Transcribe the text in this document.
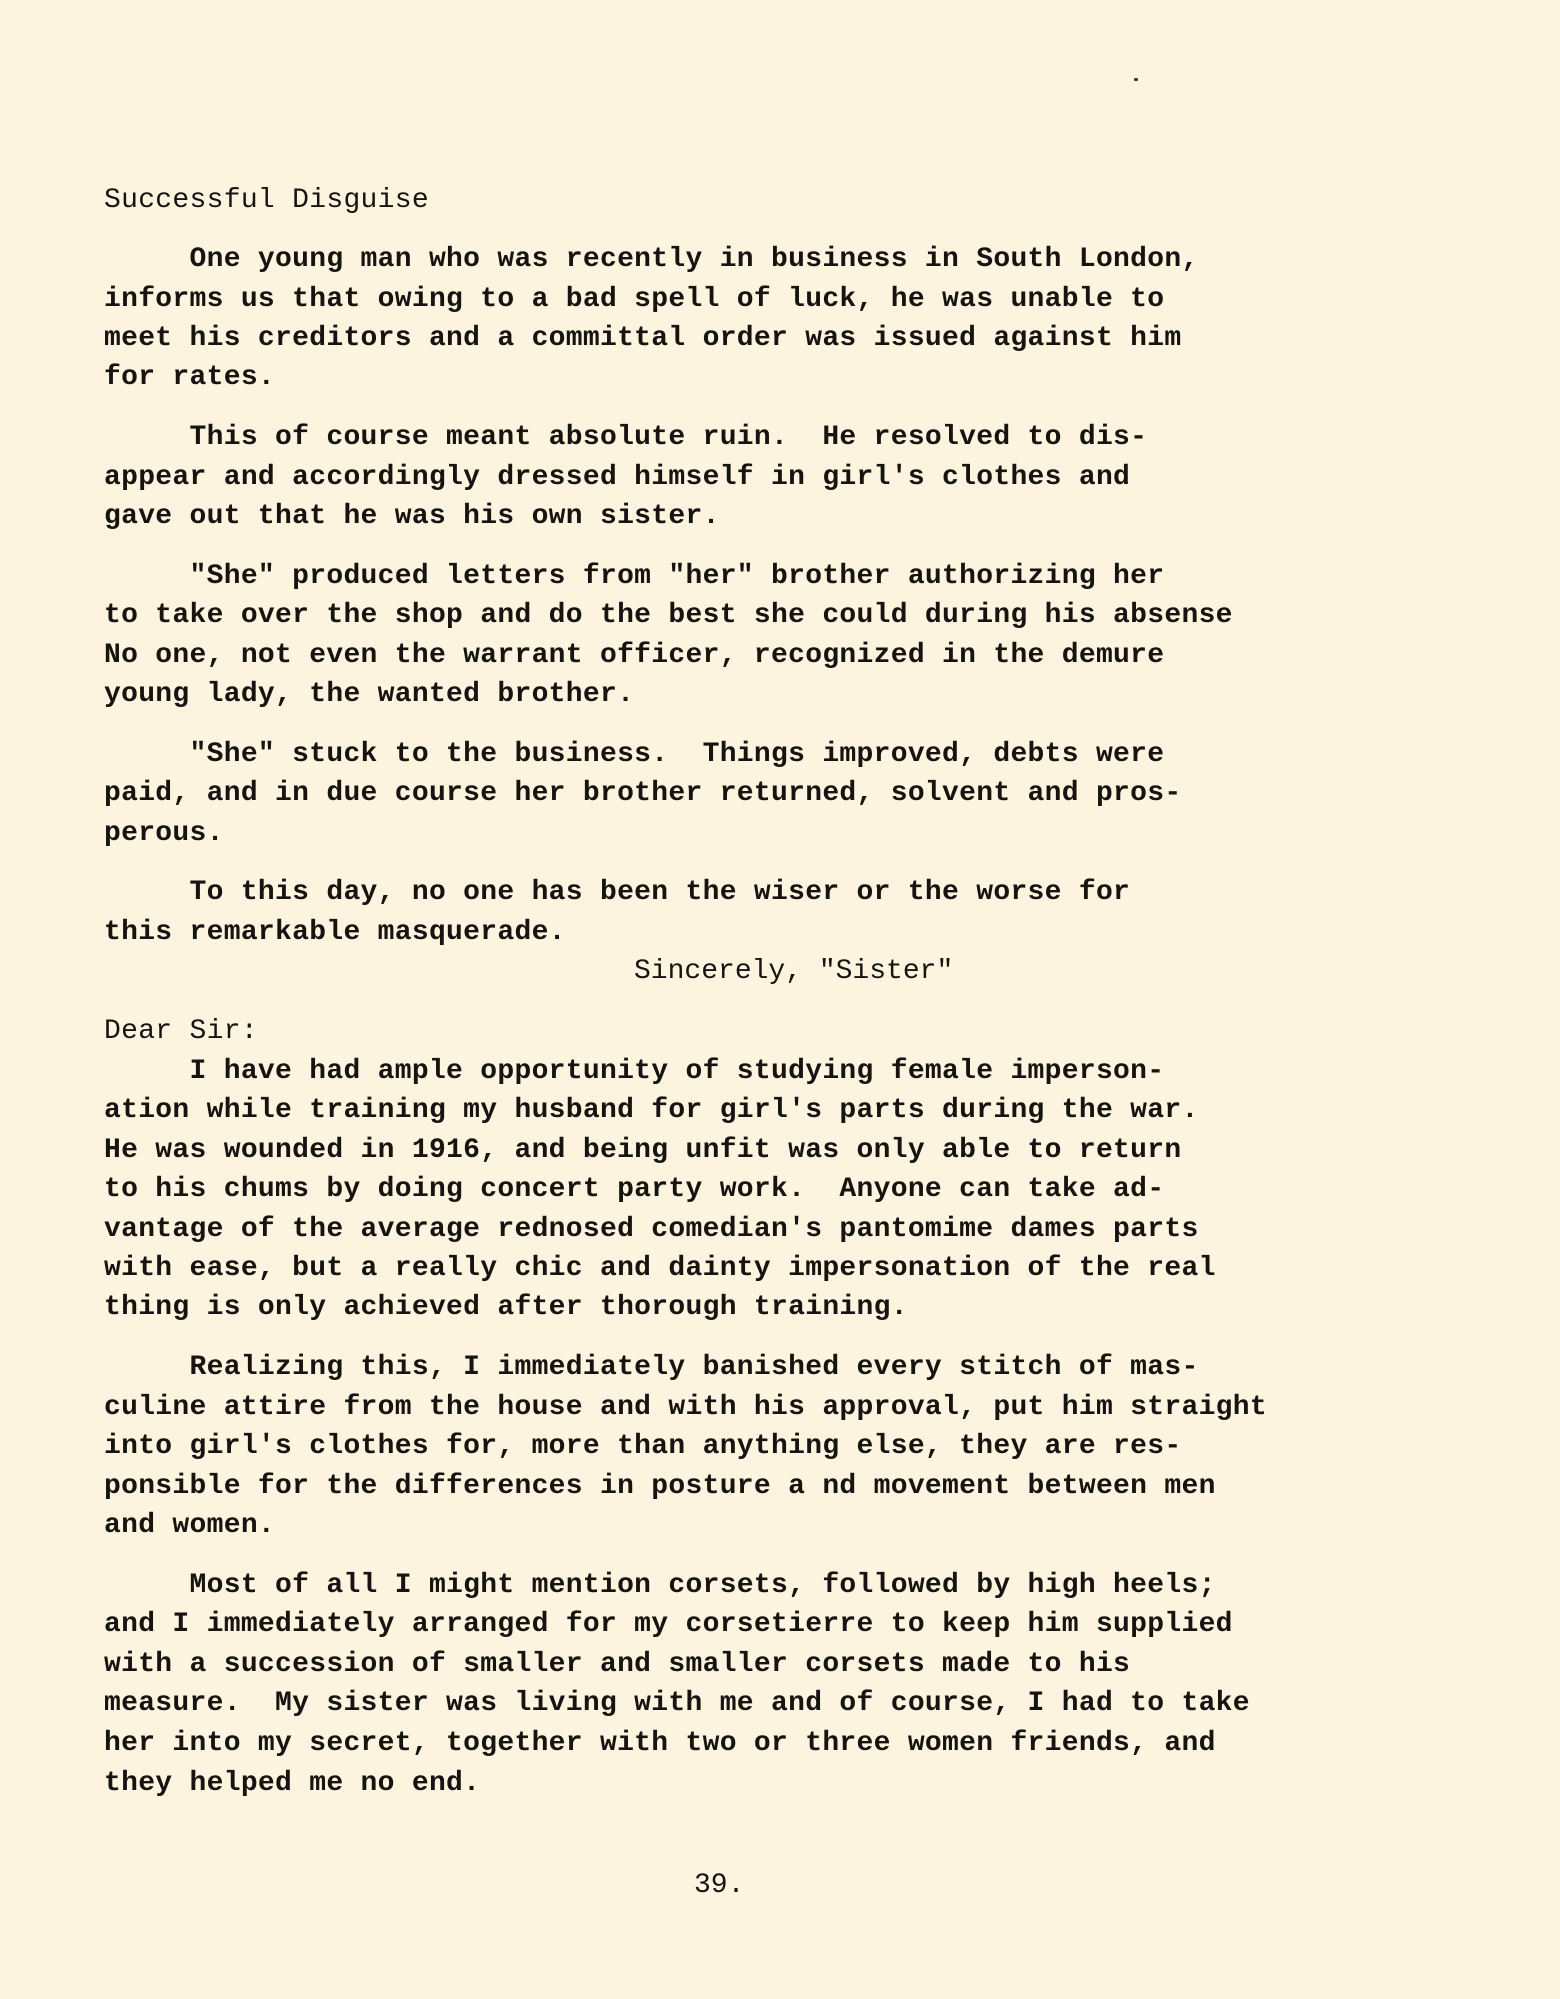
Successful Disguise
One young man who was recently in business in South London,
informs us that owing to a bad spell of luck, he was unable to
meet his creditors and a committal order was issued against him
for rates.
This of course meant absolute ruin.  He resolved to dis-
appear and accordingly dressed himself in girl's clothes and
gave out that he was his own sister.
"She" produced letters from "her" brother authorizing her
to take over the shop and do the best she could during his absense
No one, not even the warrant officer, recognized in the demure
young lady, the wanted brother.
"She" stuck to the business.  Things improved, debts were
paid, and in due course her brother returned, solvent and pros-
perous.
To this day, no one has been the wiser or the worse for
this remarkable masquerade.
Sincerely, "Sister"
Dear Sir:
I have had ample opportunity of studying female imperson-
ation while training my husband for girl's parts during the war.
He was wounded in 1916, and being unfit was only able to return
to his chums by doing concert party work.  Anyone can take ad-
vantage of the average rednosed comedian's pantomime dames parts
with ease, but a really chic and dainty impersonation of the real
thing is only achieved after thorough training.
Realizing this, I immediately banished every stitch of mas-
culine attire from the house and with his approval, put him straight
into girl's clothes for, more than anything else, they are res-
ponsible for the differences in posture a nd movement between men
and women.
Most of all I might mention corsets, followed by high heels;
and I immediately arranged for my corsetierre to keep him supplied
with a succession of smaller and smaller corsets made to his
measure.  My sister was living with me and of course, I had to take
her into my secret, together with two or three women friends, and
they helped me no end.
39.
